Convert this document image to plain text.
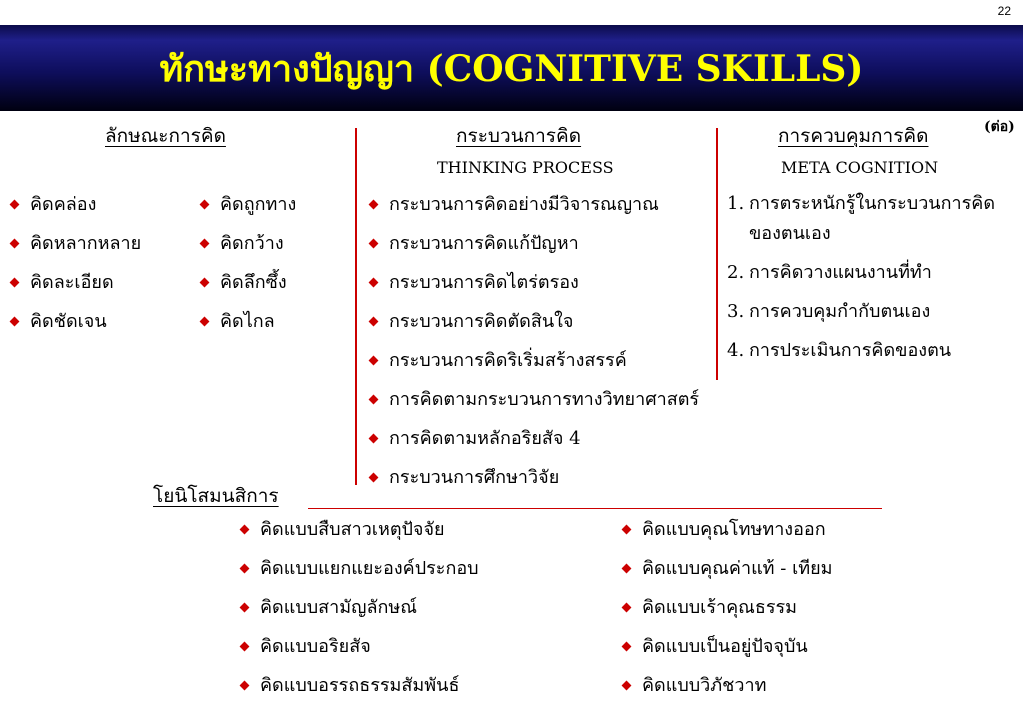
22
ทักษะทางปัญญา (COGNITIVE SKILLS)
ลักษณะการคิด
คิดคล่อง
คิดหลากหลาย
คิดละเอียด
คิดชัดเจน
คิดถูกทาง
คิดกว้าง
คิดลึกซึ้ง
คิดไกล
กระบวนการคิด
THINKING PROCESS
กระบวนการคิดอย่างมีวิจารณญาณ
กระบวนการคิดแก้ปัญหา
กระบวนการคิดไตร่ตรอง
กระบวนการคิดตัดสินใจ
กระบวนการคิดริเริ่มสร้างสรรค์
การคิดตามกระบวนการทางวิทยาศาสตร์
การคิดตามหลักอริยสัจ 4
กระบวนการศึกษาวิจัย
การควบคุมการคิด	(ต่อ)
META COGNITION
1. การตระหนักรู้ในกระบวนการคิดของตนเอง
2. การคิดวางแผนงานที่ทำ
3. การควบคุมกำกับตนเอง
4. การประเมินการคิดของตน
โยนิโสมนสิการ
คิดแบบสืบสาวเหตุปัจจัย
คิดแบบแยกแยะองค์ประกอบ
คิดแบบสามัญลักษณ์
คิดแบบอริยสัจ
คิดแบบอรรถธรรมสัมพันธ์
คิดแบบคุณโทษทางออก
คิดแบบคุณค่าแท้ - เทียม
คิดแบบเร้าคุณธรรม
คิดแบบเป็นอยู่ปัจจุบัน
คิดแบบวิภัชวาท
